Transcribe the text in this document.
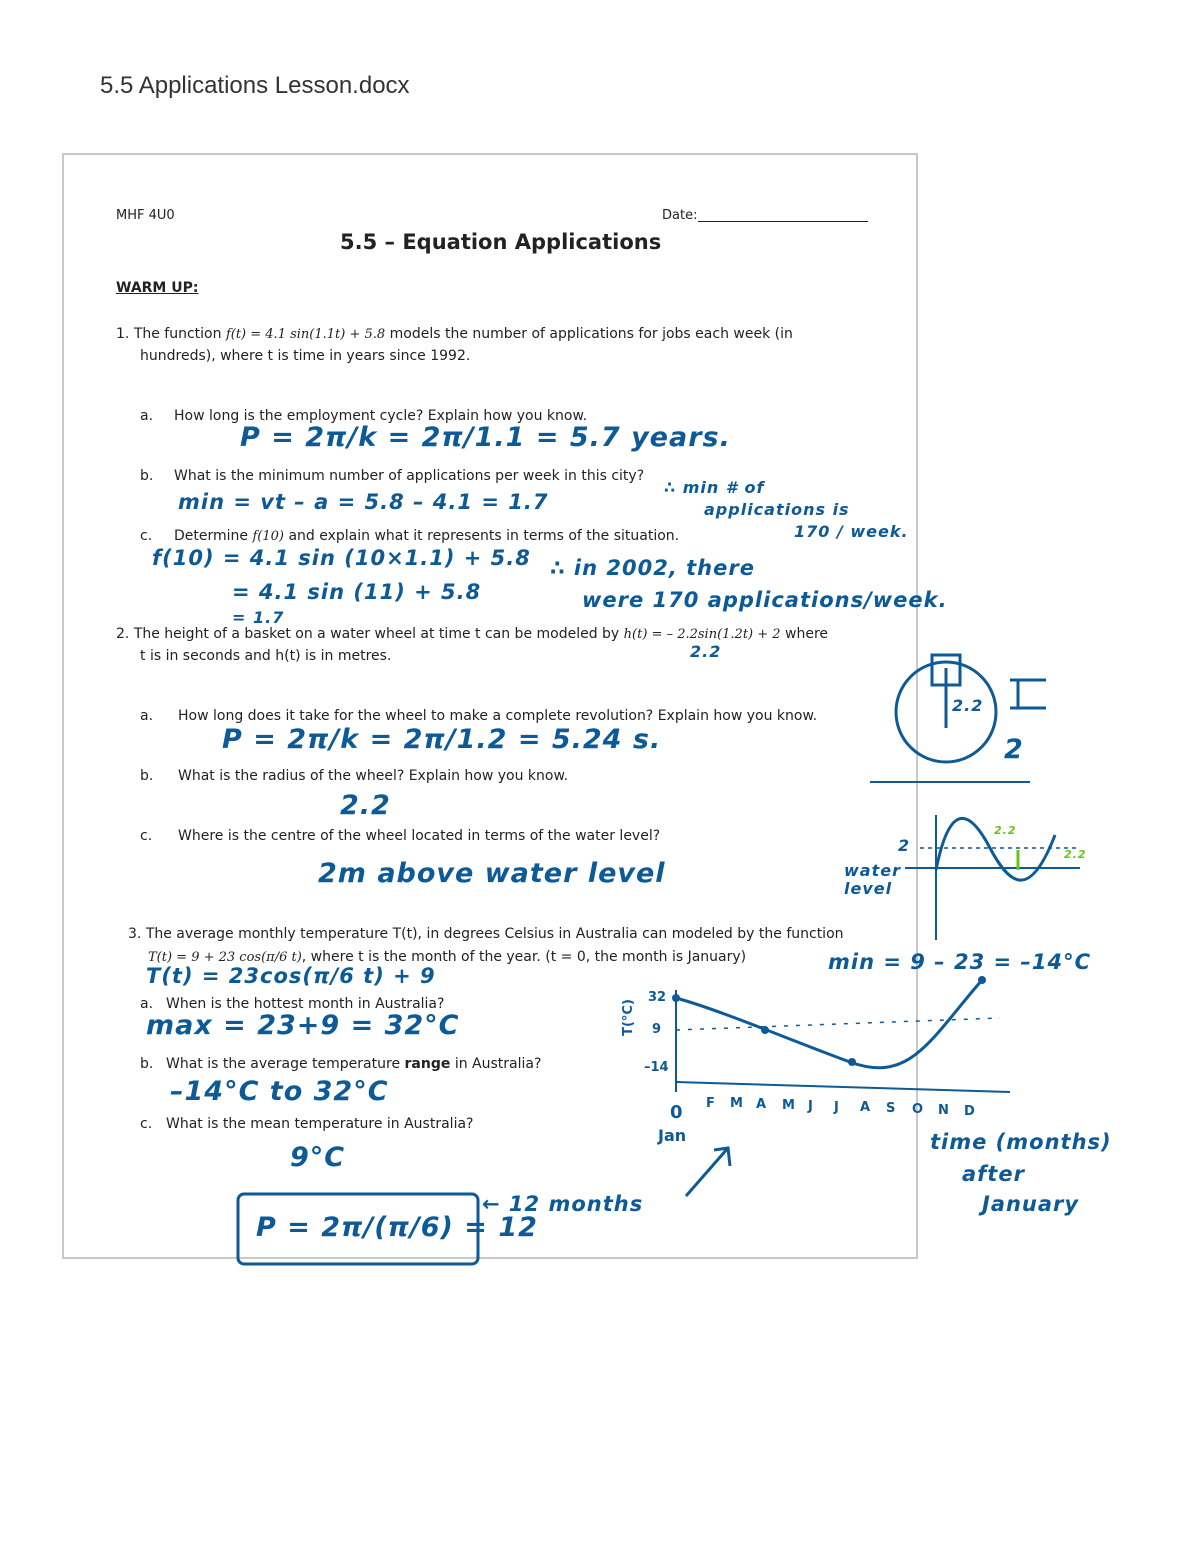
5.5 Applications Lesson.docx
MHF 4U0	Date:
5.5 – Equation Applications
WARM UP:
1. The function f(t) = 4.1 sin(1.1t) + 5.8 models the number of applications for jobs each week (in
hundreds), where t is time in years since 1992.
a. How long is the employment cycle? Explain how you know.
b. What is the minimum number of applications per week in this city?
c. Determine f(10) and explain what it represents in terms of the situation.
2. The height of a basket on a water wheel at time t can be modeled by h(t) = – 2.2sin(1.2t) + 2 where
t is in seconds and h(t) is in metres.
a. How long does it take for the wheel to make a complete revolution? Explain how you know.
b. What is the radius of the wheel? Explain how you know.
c. Where is the centre of the wheel located in terms of the water level?
3. The average monthly temperature T(t), in degrees Celsius in Australia can modeled by the function
T(t) = 9 + 23 cos(π/6 t), where t is the month of the year. (t = 0, the month is January)
a. When is the hottest month in Australia?
b. What is the average temperature range in Australia?
c. What is the mean temperature in Australia?
P = 2π/k = 2π/1.1 = 5.7 years.
min = vt – a = 5.8 – 4.1 = 1.7
∴ min # of
applications is
170 / week.
f(10) = 4.1 sin (10×1.1) + 5.8
= 4.1 sin (11) + 5.8
= 1.7
∴ in 2002, there
were 170 applications/week.
2.2
P = 2π/k = 2π/1.2 = 5.24 s.
2.2
2m above water level
2.2
2
2
water level
2.2
2.2
T(t) = 23cos(π/6 t) + 9
min = 9 – 23 = –14°C
max = 23+9 = 32°C
–14°C to 32°C
9°C
P = 2π/(π/6) = 12
← 12 months
T(°C)
32
9
–14
0
Jan
F M A M J J A S O N D
time (months)
after
January
